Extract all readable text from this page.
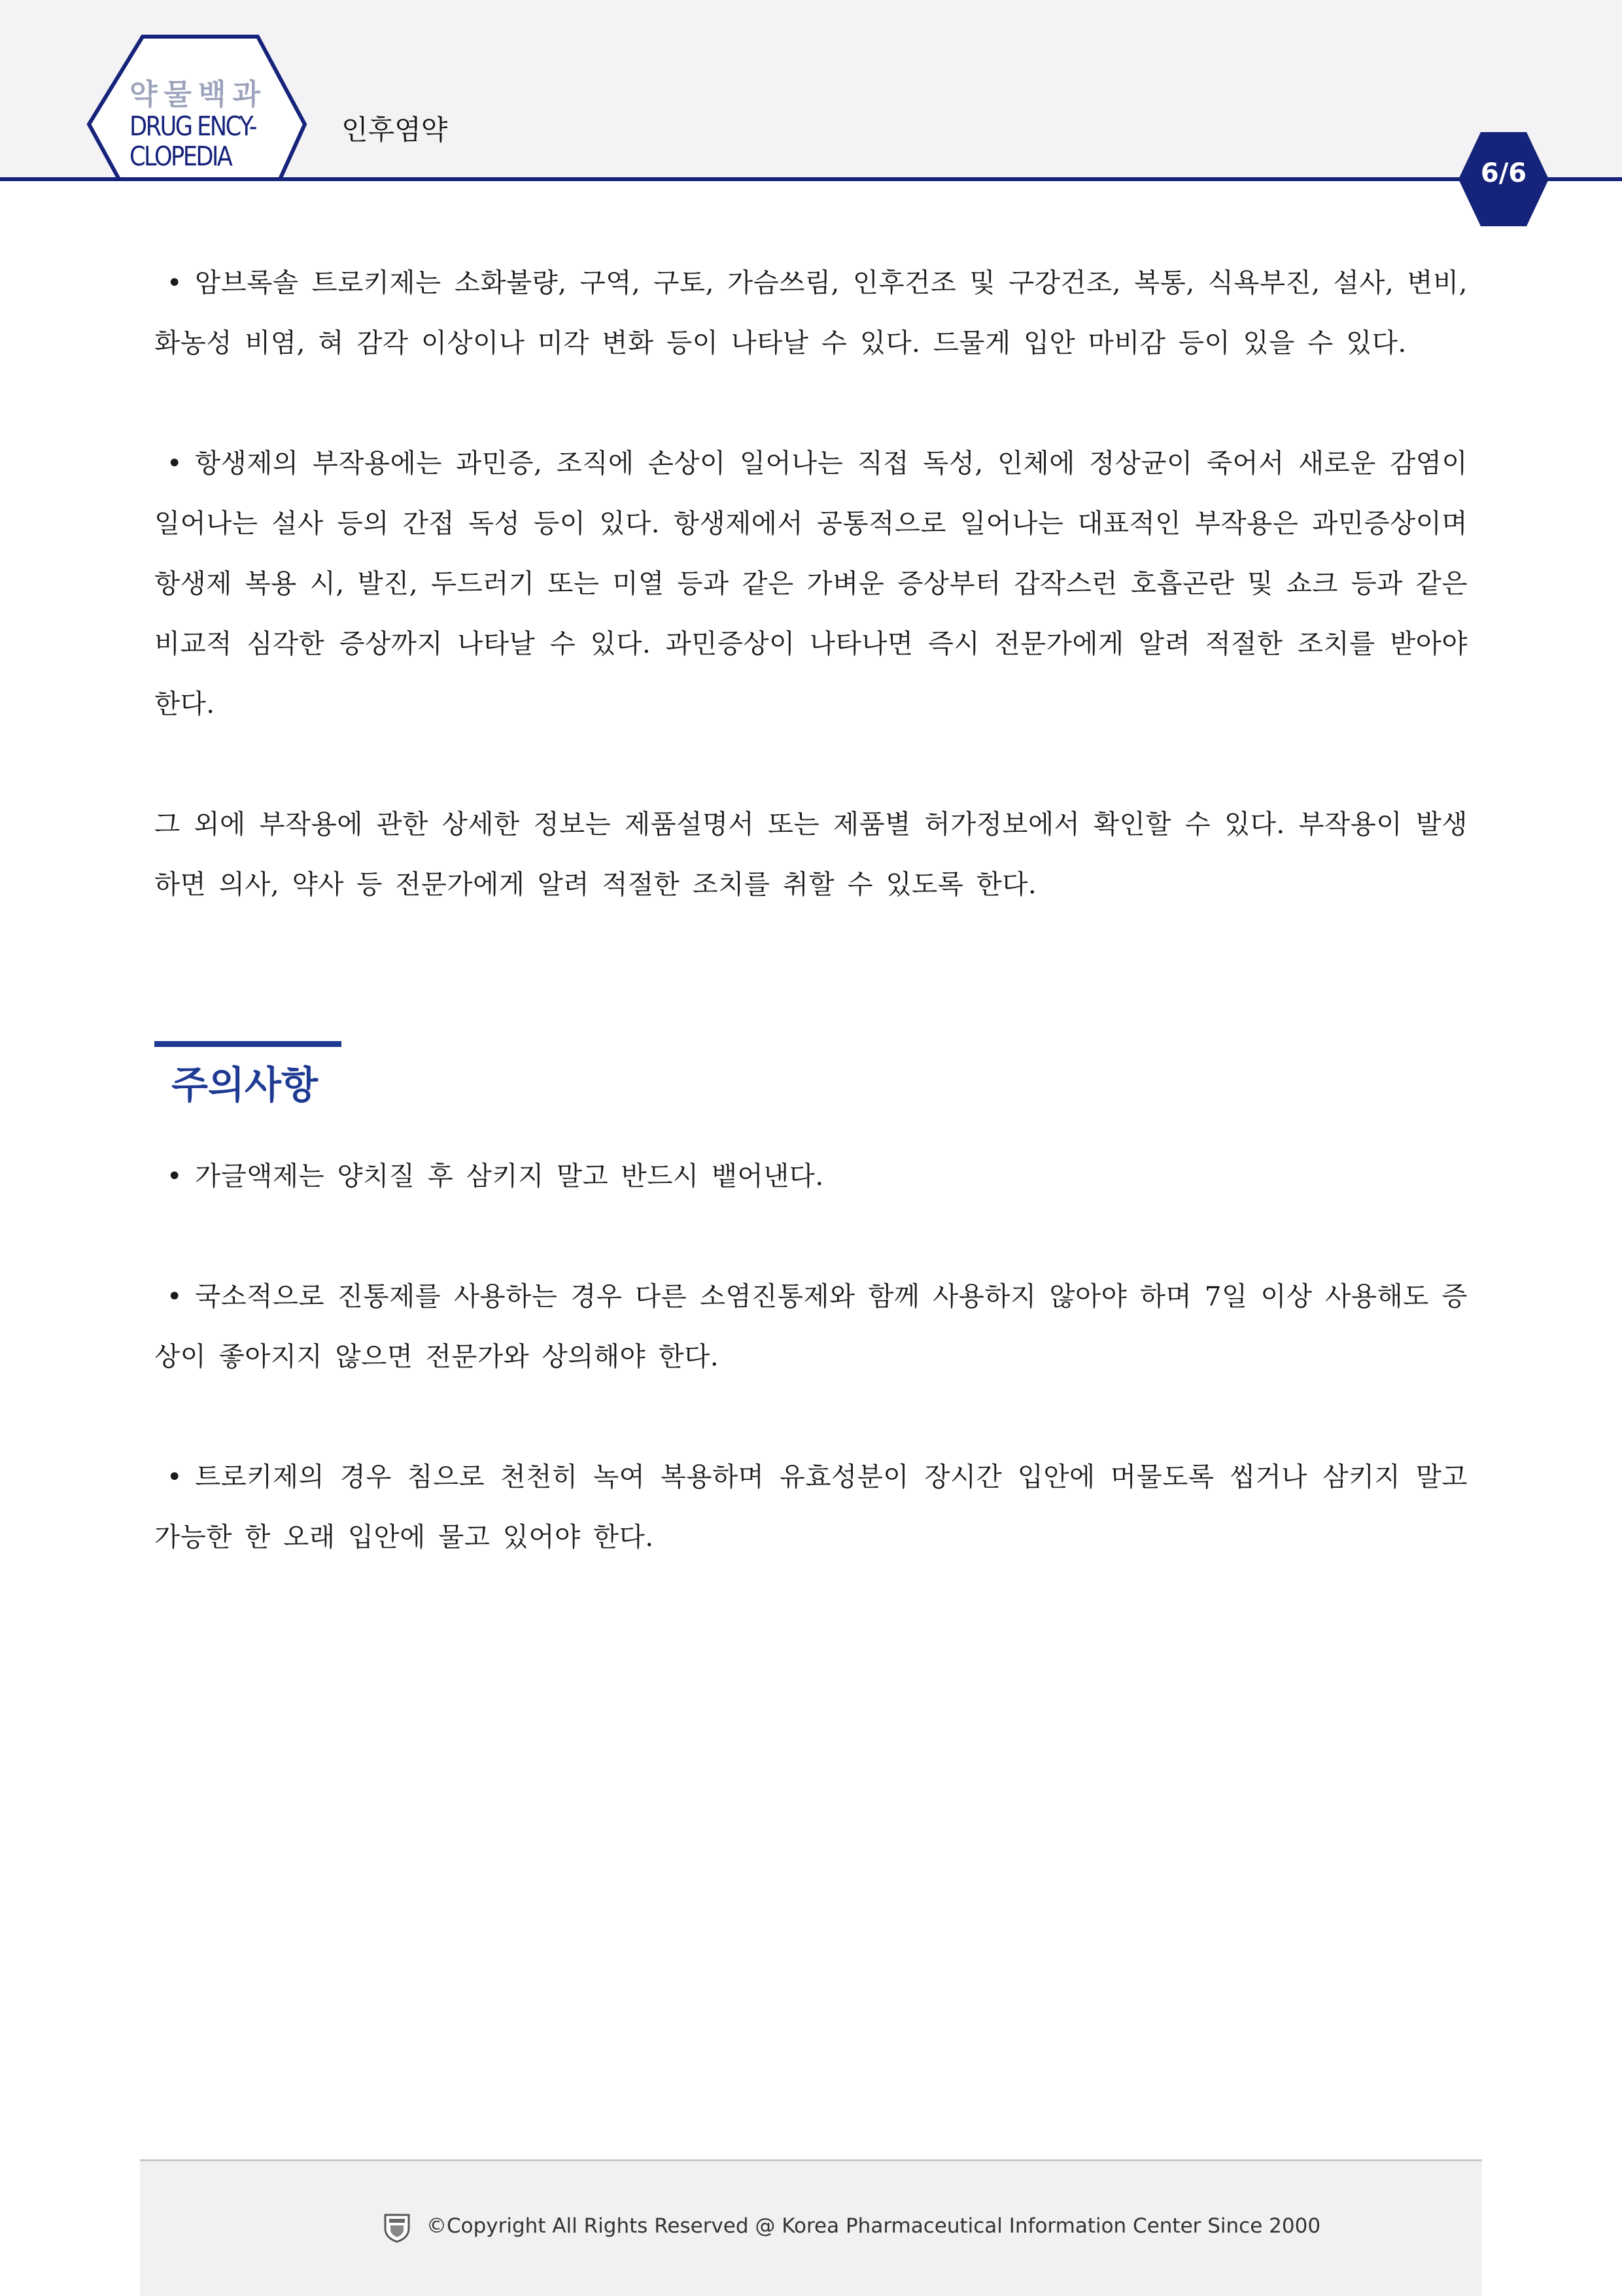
약물백과
DRUG ENCY-
CLOPEDIA
인후염약
6/6
• 암브록솔 트로키제는 소화불량, 구역, 구토, 가슴쓰림, 인후건조 및 구강건조, 복통, 식욕부진, 설사, 변비, 화농성 비염, 혀 감각 이상이나 미각 변화 등이 나타날 수 있다. 드물게 입안 마비감 등이 있을 수 있다.
• 항생제의 부작용에는 과민증, 조직에 손상이 일어나는 직접 독성, 인체에 정상균이 죽어서 새로운 감염이 일어나는 설사 등의 간접 독성 등이 있다. 항생제에서 공통적으로 일어나는 대표적인 부작용은 과민증상이며 항생제 복용 시, 발진, 두드러기 또는 미열 등과 같은 가벼운 증상부터 갑작스런 호흡곤란 및 쇼크 등과 같은 비교적 심각한 증상까지 나타날 수 있다. 과민증상이 나타나면 즉시 전문가에게 알려 적절한 조치를 받아야 한다.
그 외에 부작용에 관한 상세한 정보는 제품설명서 또는 제품별 허가정보에서 확인할 수 있다. 부작용이 발생하면 의사, 약사 등 전문가에게 알려 적절한 조치를 취할 수 있도록 한다.
주의사항
• 가글액제는 양치질 후 삼키지 말고 반드시 뱉어낸다.
• 국소적으로 진통제를 사용하는 경우 다른 소염진통제와 함께 사용하지 않아야 하며 7일 이상 사용해도 증상이 좋아지지 않으면 전문가와 상의해야 한다.
• 트로키제의 경우 침으로 천천히 녹여 복용하며 유효성분이 장시간 입안에 머물도록 씹거나 삼키지 말고 가능한 한 오래 입안에 물고 있어야 한다.
©Copyright All Rights Reserved @ Korea Pharmaceutical Information Center Since 2000
